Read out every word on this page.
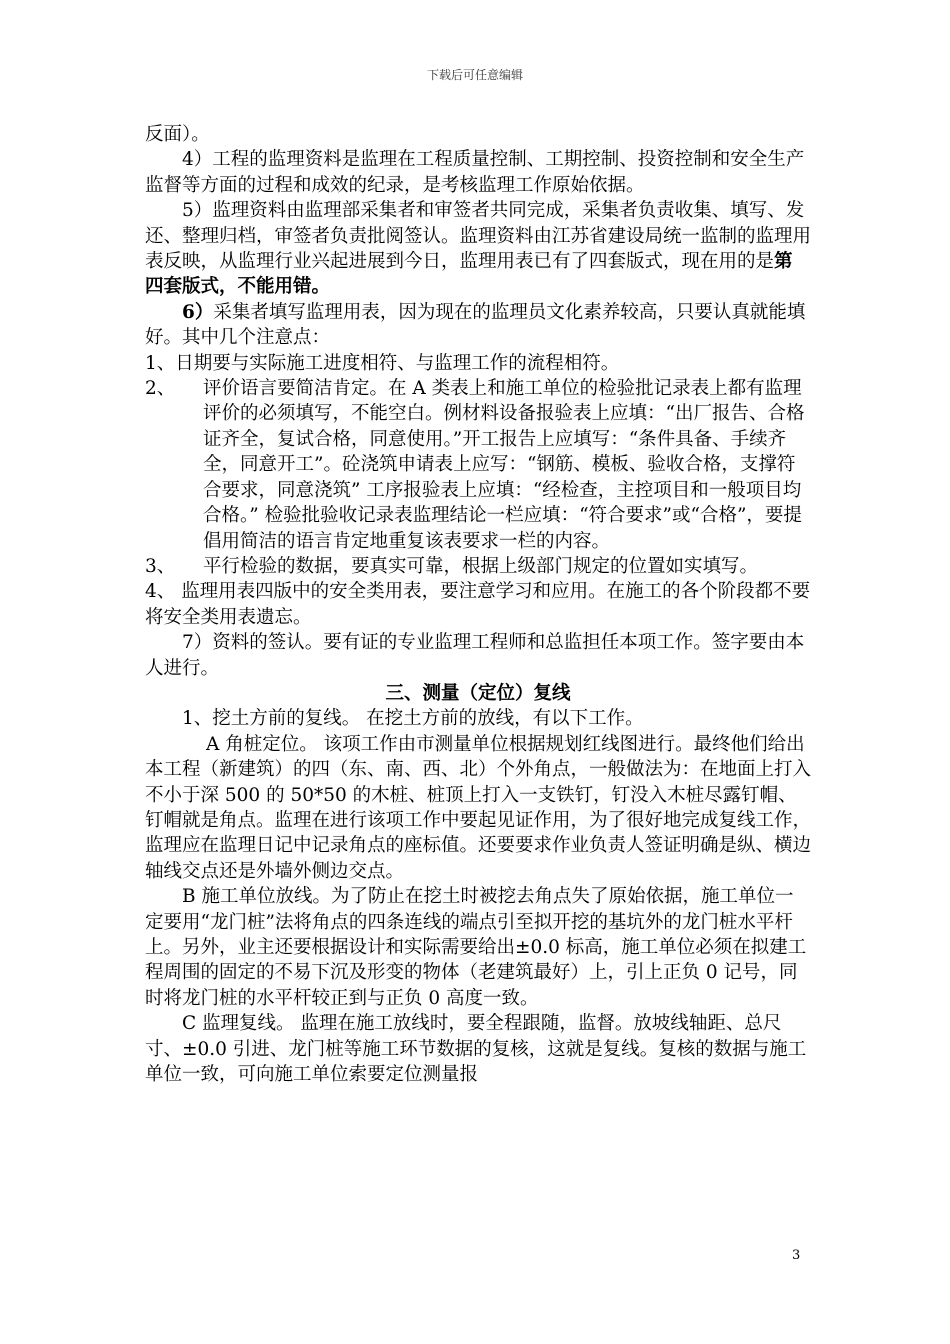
下载后可任意编辑

反面）。

4）工程的监理资料是监理在工程质量控制、工期控制、投资控制和安全生产监督等方面的过程和成效的纪录，是考核监理工作原始依据。

5）监理资料由监理部采集者和审签者共同完成，采集者负责收集、填写、发还、整理归档，审签者负责批阅签认。监理资料由江苏省建设局统一监制的监理用表反映，从监理行业兴起进展到今日，监理用表已有了四套版式，现在用的是第四套版式，不能用错。

6）采集者填写监理用表，因为现在的监理员文化素养较高，只要认真就能填好。其中几个注意点：

1、日期要与实际施工进度相符、与监理工作的流程相符。

2、 评价语言要简洁肯定。在 A 类表上和施工单位的检验批记录表上都有监理评价的必须填写，不能空白。例材料设备报验表上应填：“出厂报告、合格证齐全，复试合格，同意使用。”开工报告上应填写：“条件具备、手续齐全，同意开工”。砼浇筑申请表上应写：“钢筋、模板、验收合格，支撑符合要求，同意浇筑” 工序报验表上应填：“经检查，主控项目和一般项目均合格。” 检验批验收记录表监理结论一栏应填：“符合要求”或“合格”，要提倡用简洁的语言肯定地重复该表要求一栏的内容。

3、 平行检验的数据，要真实可靠，根据上级部门规定的位置如实填写。

4、 监理用表四版中的安全类用表，要注意学习和应用。在施工的各个阶段都不要将安全类用表遗忘。

7）资料的签认。要有证的专业监理工程师和总监担任本项工作。签字要由本人进行。

三、测量（定位）复线

1、挖土方前的复线。 在挖土方前的放线，有以下工作。

A 角桩定位。 该项工作由市测量单位根据规划红线图进行。最终他们给出本工程（新建筑）的四（东、南、西、北）个外角点，一般做法为：在地面上打入不小于深 500 的 50*50 的木桩、桩顶上打入一支铁钉，钉没入木桩尽露钉帽、钉帽就是角点。监理在进行该项工作中要起见证作用，为了很好地完成复线工作，监理应在监理日记中记录角点的座标值。还要要求作业负责人签证明确是纵、横边轴线交点还是外墙外侧边交点。

B 施工单位放线。为了防止在挖土时被挖去角点失了原始依据，施工单位一定要用“龙门桩”法将角点的四条连线的端点引至拟开挖的基坑外的龙门桩水平杆上。另外，业主还要根据设计和实际需要给出±0.0 标高，施工单位必须在拟建工程周围的固定的不易下沉及形变的物体（老建筑最好）上，引上正负 0 记号，同时将龙门桩的水平杆较正到与正负 0 高度一致。

C 监理复线。 监理在施工放线时，要全程跟随，监督。放坡线轴距、总尺寸、±0.0 引进、龙门桩等施工环节数据的复核，这就是复线。复核的数据与施工单位一致，可向施工单位索要定位测量报

3
